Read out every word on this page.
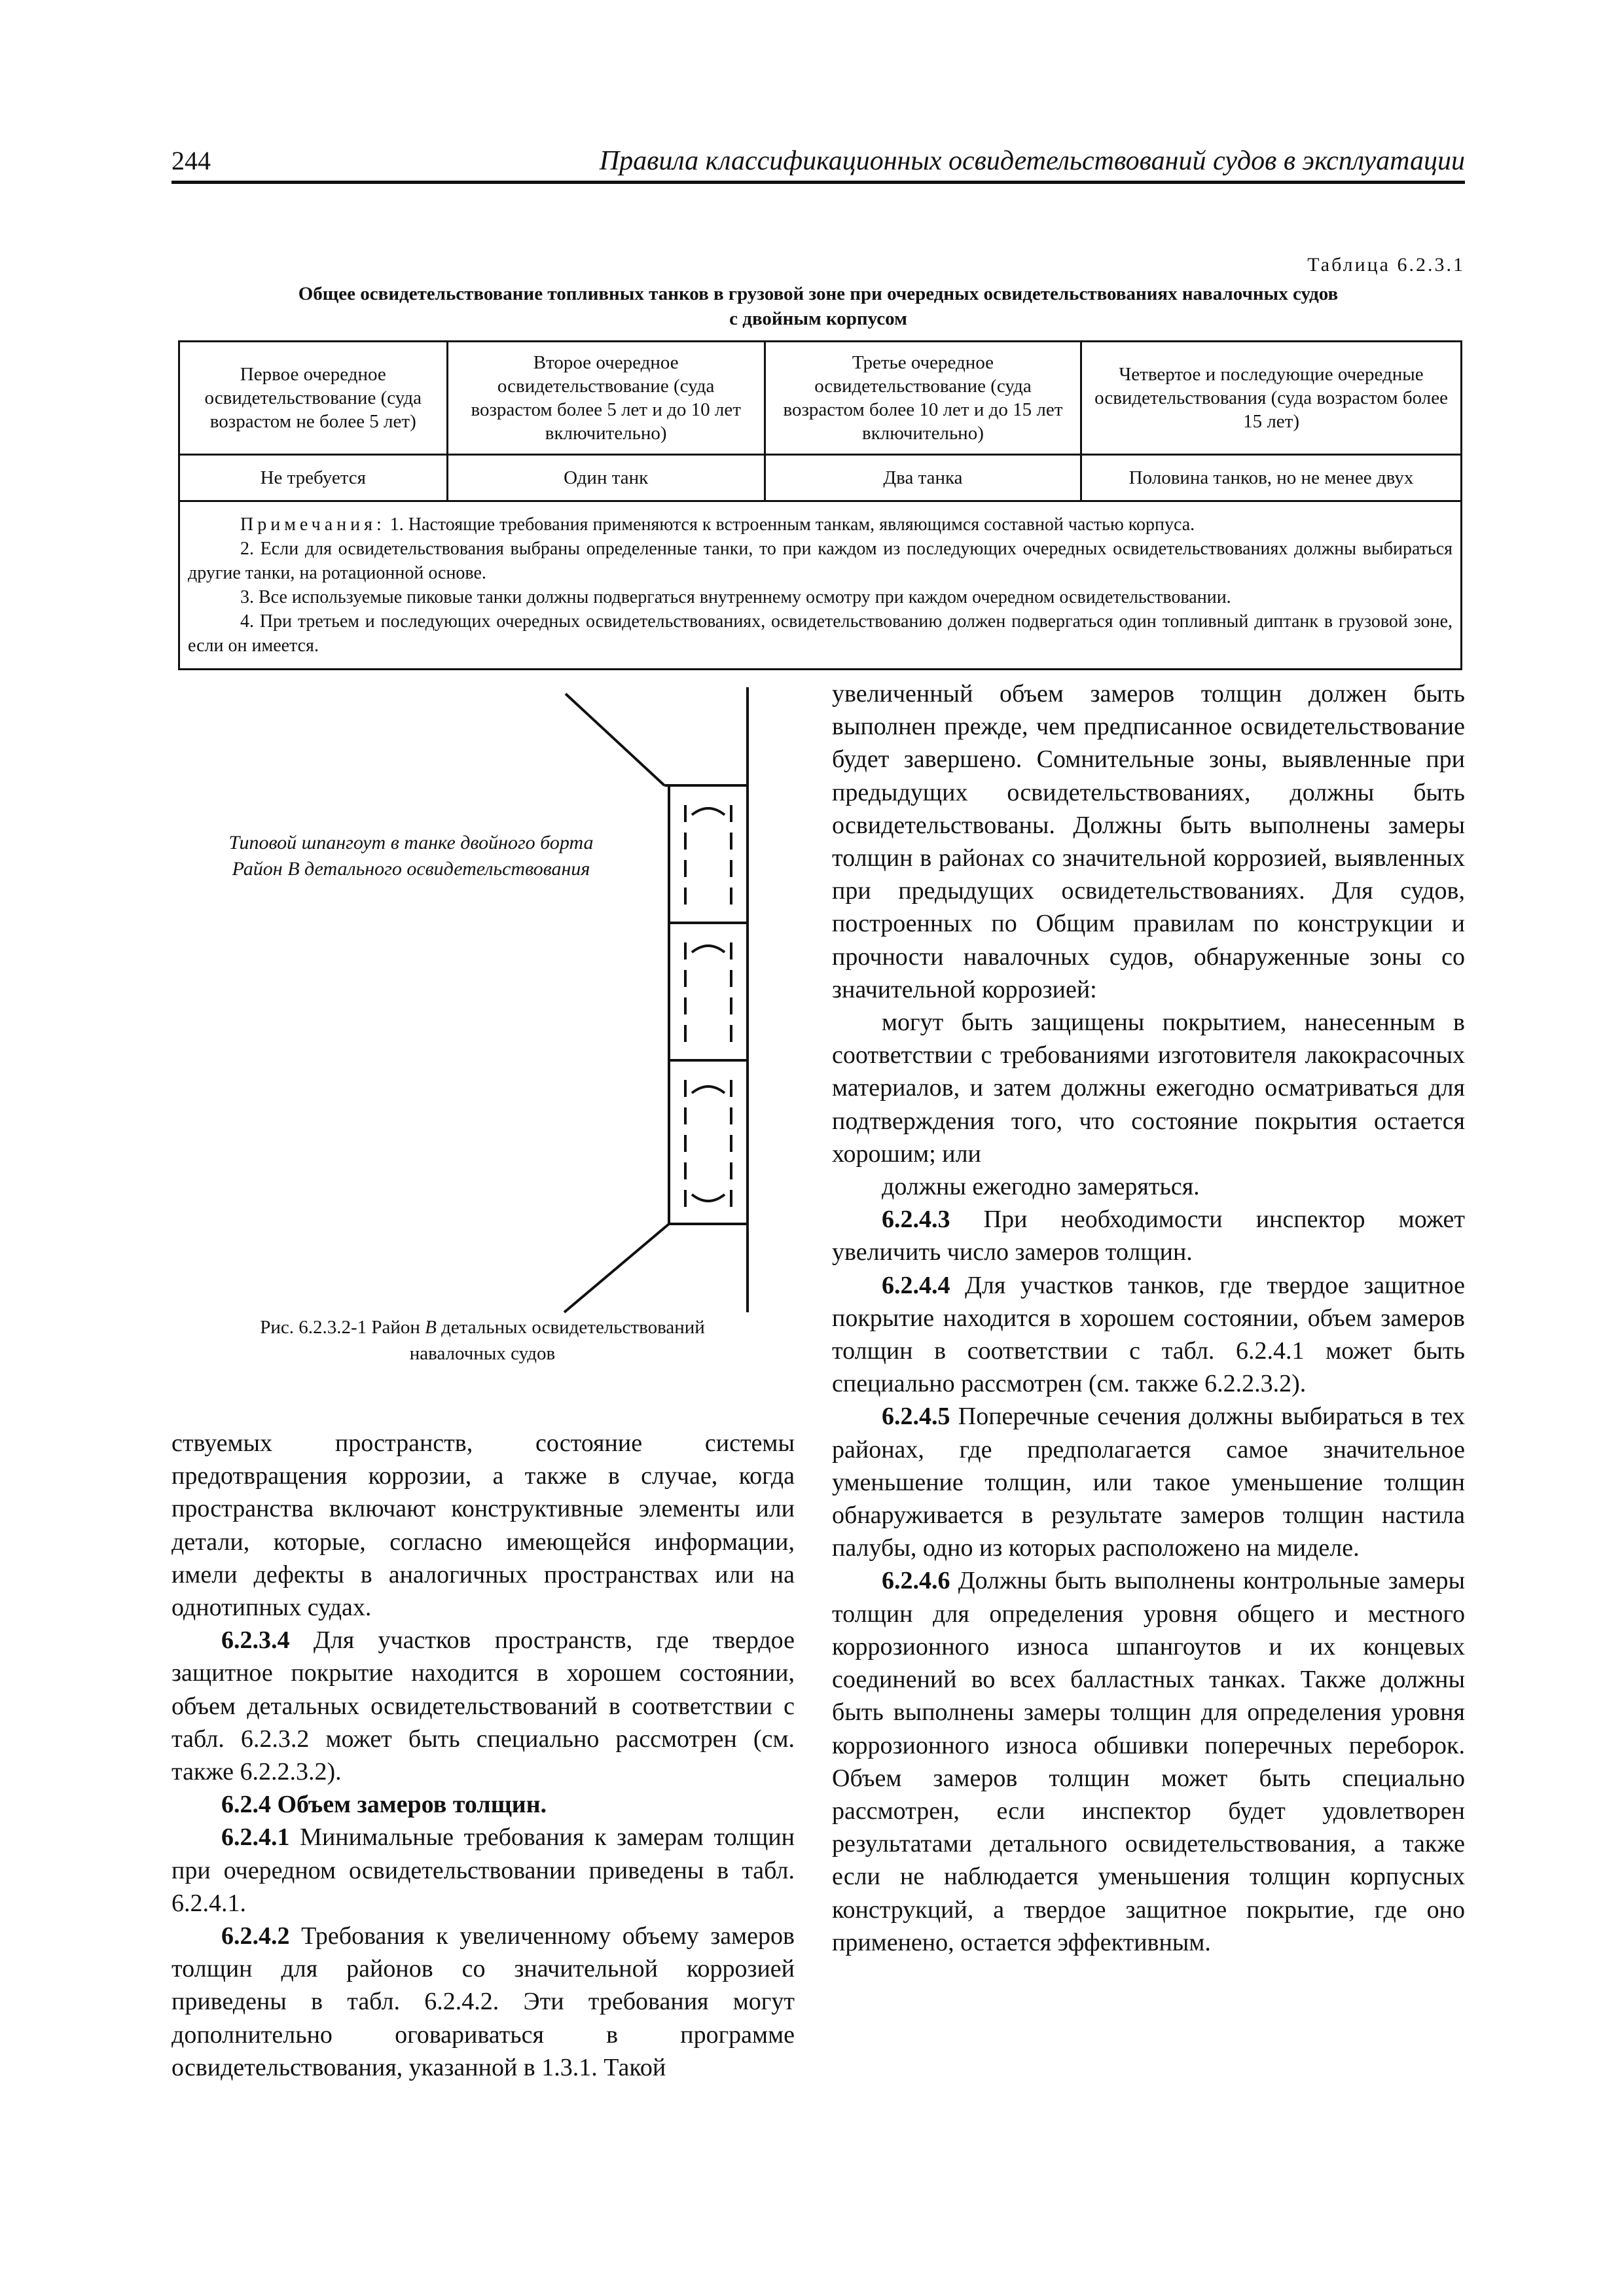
244	Правила классификационных освидетельствований судов в эксплуатации
Таблица 6.2.3.1
Общее освидетельствование топливных танков в грузовой зоне при очередных освидетельствованиях навалочных судов
с двойным корпусом
Первое очередное освидетельствование (суда возрастом не более 5 лет)	Второе очередное освидетельствование (суда возрастом более 5 лет и до 10 лет включительно)	Третье очередное освидетельствование (суда возрастом более 10 лет и до 15 лет включительно)	Четвертое и последующие очередные освидетельствования (суда возрастом более 15 лет)
Не требуется	Один танк	Два танка	Половина танков, но не менее двух

Примечания: 1. Настоящие требования применяются к встроенным танкам, являющимся составной частью корпуса.
2. Если для освидетельствования выбраны определенные танки, то при каждом из последующих очередных освидетельствованиях должны выбираться другие танки, на ротационной основе.
3. Все используемые пиковые танки должны подвергаться внутреннему осмотру при каждом очередном освидетельствовании.
4. При третьем и последующих очередных освидетельствованиях, освидетельствованию должен подвергаться один топливный диптанк в грузовой зоне, если он имеется.			
Типовой шпангоут в танке двойного борта
Район B детального освидетельствования
Рис. 6.2.3.2-1 Район B детальных освидетельствований
навалочных судов

увеличенный объем замеров толщин должен быть выполнен прежде, чем предписанное освидетельствование будет завершено. Сомнительные зоны, выявленные при предыдущих освидетельствованиях, должны быть освидетельствованы. Должны быть выполнены замеры толщин в районах со значительной коррозией, выявленных при предыдущих освидетельствованиях. Для судов, построенных по Общим правилам по конструкции и прочности навалочных судов, обнаруженные зоны со значительной коррозией:

могут быть защищены покрытием, нанесенным в соответствии с требованиями изготовителя лакокрасочных материалов, и затем должны ежегодно осматриваться для подтверждения того, что состояние покрытия остается хорошим; или

должны ежегодно замеряться.

6.2.4.3 При необходимости инспектор может увеличить число замеров толщин.

6.2.4.4 Для участков танков, где твердое защитное покрытие находится в хорошем состоянии, объем замеров толщин в соответствии с табл. 6.2.4.1 может быть специально рассмотрен (см. также 6.2.2.3.2).

6.2.4.5 Поперечные сечения должны выбираться в тех районах, где предполагается самое значительное уменьшение толщин, или такое уменьшение толщин обнаруживается в результате замеров толщин настила палубы, одно из которых расположено на миделе.

6.2.4.6 Должны быть выполнены контрольные замеры толщин для определения уровня общего и местного коррозионного износа шпангоутов и их концевых соединений во всех балластных танках. Также должны быть выполнены замеры толщин для определения уровня коррозионного износа обшивки поперечных переборок. Объем замеров толщин может быть специально рассмотрен, если инспектор будет удовлетворен результатами детального освидетельствования, а также если не наблюдается уменьшения толщин корпусных конструкций, а твердое защитное покрытие, где оно применено, остается эффективным.

ствуемых пространств, состояние системы предотвращения коррозии, а также в случае, когда пространства включают конструктивные элементы или детали, которые, согласно имеющейся информации, имели дефекты в аналогичных пространствах или на однотипных судах.

6.2.3.4 Для участков пространств, где твердое защитное покрытие находится в хорошем состоянии, объем детальных освидетельствований в соответствии с табл. 6.2.3.2 может быть специально рассмотрен (см. также 6.2.2.3.2).

6.2.4 Объем замеров толщин.

6.2.4.1 Минимальные требования к замерам толщин при очередном освидетельствовании приведены в табл. 6.2.4.1.

6.2.4.2 Требования к увеличенному объему замеров толщин для районов со значительной коррозией приведены в табл. 6.2.4.2. Эти требования могут дополнительно оговариваться в программе освидетельствования, указанной в 1.3.1. Такой
